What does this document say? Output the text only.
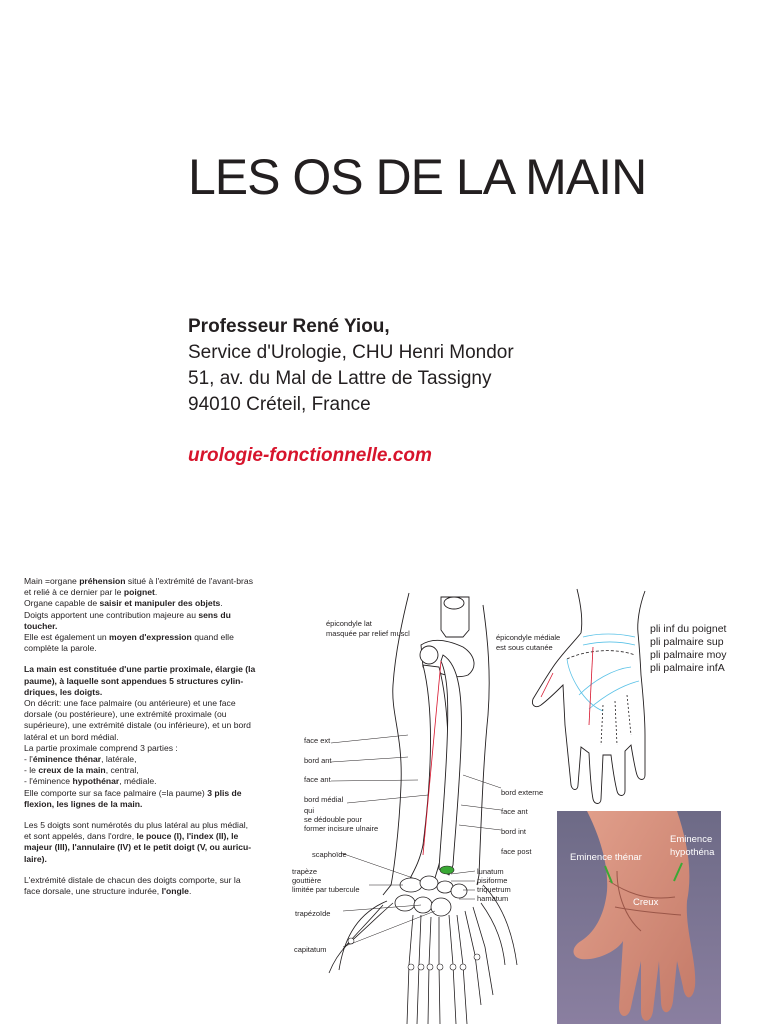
LES OS DE LA MAIN
Professeur René Yiou,
Service d'Urologie, CHU Henri Mondor
51, av. du Mal de Lattre de Tassigny
94010 Créteil, France
urologie-fonctionnelle.com

Main =organe préhension situé à l'extrémité de l'avant-bras
et relié à ce dernier par le poignet.
Organe capable de saisir et manipuler des objets.
Doigts apportent une contribution majeure au sens du
toucher.
Elle est également un moyen d'expression quand elle
complète la parole.

La main est constituée d'une partie proximale, élargie (la
paume), à laquelle sont appendues 5 structures cylin-
driques, les doigts.
On décrit: une face palmaire (ou antérieure) et une face
dorsale (ou postérieure), une extrémité proximale (ou
supérieure), une extrémité distale (ou inférieure), et un bord
latéral et un bord médial.
La partie proximale comprend 3 parties :
- l'éminence thénar, latérale,
- le creux de la main, central,
- l'éminence hypothénar, médiale.
Elle comporte sur sa face palmaire (=la paume) 3 plis de
flexion, les lignes de la main.

Les 5 doigts sont numérotés du plus latéral au plus médial,
et sont appelés, dans l'ordre, le pouce (I), l'index (II), le
majeur (III), l'annulaire (IV) et le petit doigt (V, ou auricu-
laire).

L'extrémité distale de chacun des doigts comporte, sur la
face dorsale, une structure indurée, l'ongle.

épicondyle lat
masquée par relief muscl	épicondyle médiale
est sous cutanée
face ext
bord ant
face ant
bord médial
qui
se dédouble pour
former incisure ulnaire
bord externe
face ant
bord int
face post
scaphoïde
trapèze
gouttière
limitée par tubercule
trapézoïde
capitatum
lunatum
pisiforme
triquetrum
hamatum
pli inf du poignet
pli palmaire sup
pli palmaire moy
pli palmaire infA
Eminence thénar
Eminence
hypothéna
Creux
